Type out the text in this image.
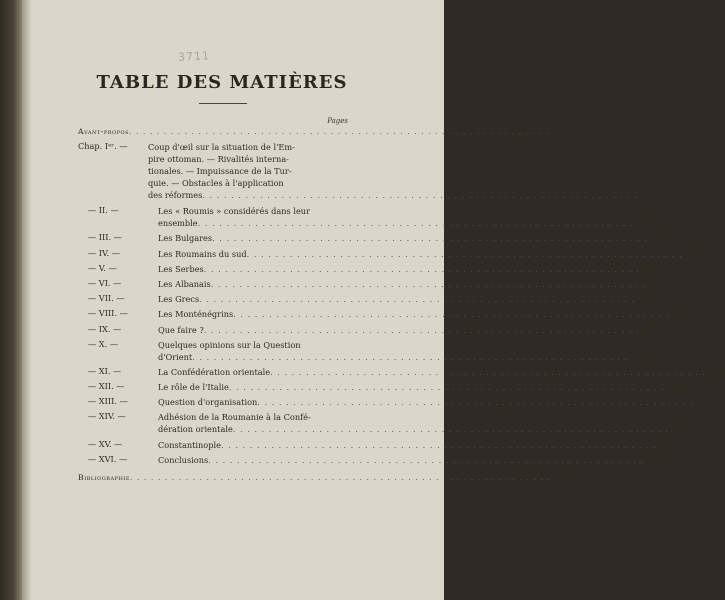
3711
TABLE DES MATIÈRES
Pages
Avant-propos . . .	5
Chap. Iᵉʳ. —	Coup d'œil sur la situation de l'Em-
pire ottoman. — Rivalités interna-
tionales. — Impuissance de la Tur-
quie. — Obstacles à l'application
des réformes . . .	13
— II. —	Les « Roumis » considérés dans leur
ensemble . . .	41
— III. —	Les Bulgares . . .	55
— IV. —	Les Roumains du sud . . .	79
— V. —	Les Serbes . . .	103
— VI. —	Les Albanais . . .	113
— VII. —	Les Grecs . . .	131
— VIII. —	Les Monténégrins . . .	151
— IX. —	Que faire ? . . .	157
— X. —	Quelques opinions sur la Question
d'Orient . . .	165
— XI. —	La Confédération orientale . . .	181
— XII. —	Le rôle de l'Italie . . .	205
— XIII. —	Question d'organisation . . .	237
— XIV. —	Adhésion de la Roumanie à la Confé-
dération orientale . . .	253
— XV. —	Constantinople . . .	265
— XVI. —	Conclusions . . .	275
Bibliographie . . .	283
